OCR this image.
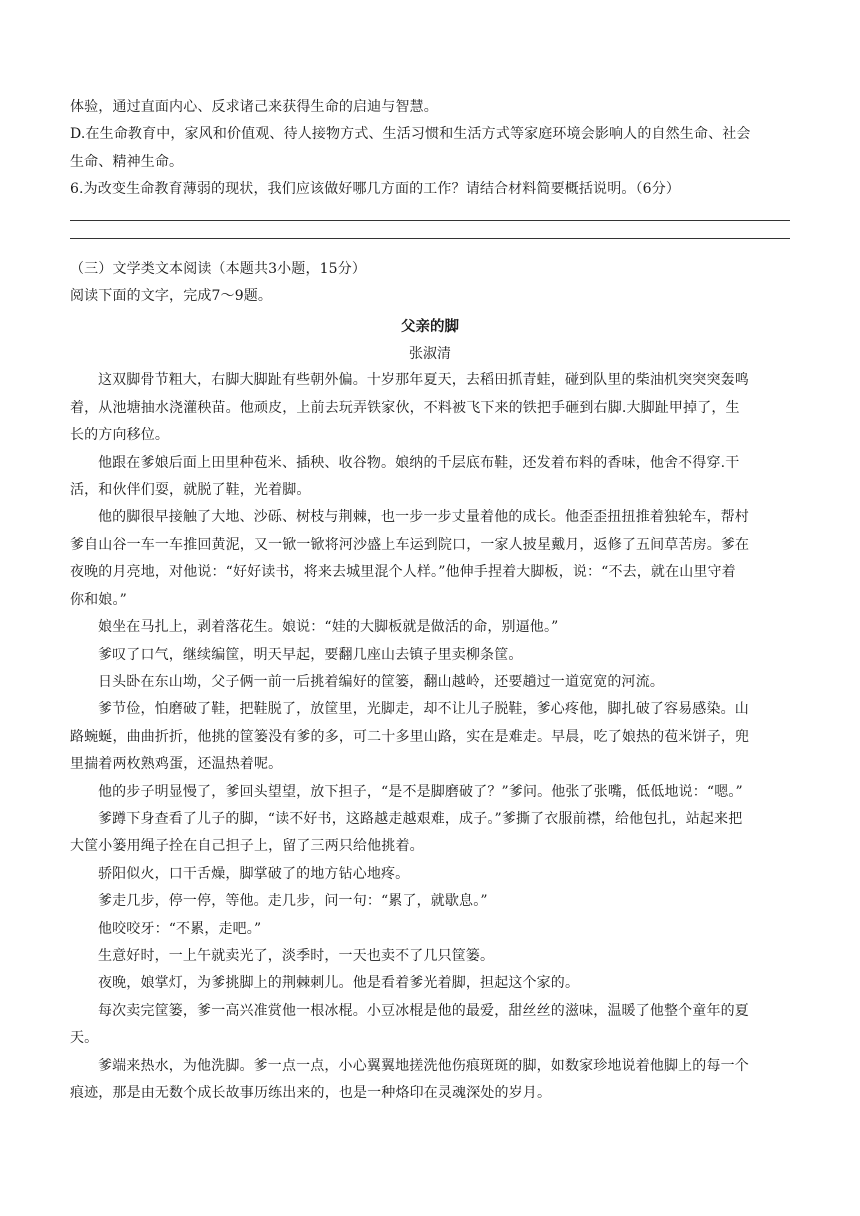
体验，通过直面内心、反求诸己来获得生命的启迪与智慧。
D.在生命教育中，家风和价值观、待人接物方式、生活习惯和生活方式等家庭环境会影响人的自然生命、社会
生命、精神生命。
6.为改变生命教育薄弱的现状，我们应该做好哪几方面的工作？请结合材料简要概括说明。（6分）
（三）文学类文本阅读（本题共3小题，15分）
阅读下面的文字，完成7～9题。
父亲的脚
张淑清
这双脚骨节粗大，右脚大脚趾有些朝外偏。十岁那年夏天，去稻田抓青蛙，碰到队里的柴油机突突突轰鸣
着，从池塘抽水浇灌秧苗。他顽皮，上前去玩弄铁家伙，不料被飞下来的铁把手砸到右脚.大脚趾甲掉了，生
长的方向移位。
他跟在爹娘后面上田里种苞米、插秧、收谷物。娘纳的千层底布鞋，还发着布料的香味，他舍不得穿.干
活，和伙伴们耍，就脱了鞋，光着脚。
他的脚很早接触了大地、沙砾、树枝与荆棘，也一步一步丈量着他的成长。他歪歪扭扭推着独轮车，帮村
爹自山谷一车一车推回黄泥，又一锨一锨将河沙盛上车运到院口，一家人披星戴月，返修了五间草苦房。爹在
夜晚的月亮地，对他说：“好好读书，将来去城里混个人样。”他伸手捏着大脚板，说：“不去，就在山里守着
你和娘。”
娘坐在马扎上，剥着落花生。娘说：“娃的大脚板就是做活的命，别逼他。”
爹叹了口气，继续编筐，明天早起，要翻几座山去镇子里卖柳条筐。
日头卧在东山坳，父子俩一前一后挑着编好的筐篓，翻山越岭，还要趟过一道宽宽的河流。
爹节俭，怕磨破了鞋，把鞋脱了，放筐里，光脚走，却不让儿子脱鞋，爹心疼他，脚扎破了容易感染。山
路蜿蜒，曲曲折折，他挑的筐篓没有爹的多，可二十多里山路，实在是难走。早晨，吃了娘热的苞米饼子，兜
里揣着两枚熟鸡蛋，还温热着呢。
他的步子明显慢了，爹回头望望，放下担子，“是不是脚磨破了？”爹问。他张了张嘴，低低地说：“嗯。”
爹蹲下身查看了儿子的脚，“读不好书，这路越走越艰难，成子。”爹撕了衣服前襟，给他包扎，站起来把
大筐小篓用绳子拴在自己担子上，留了三两只给他挑着。
骄阳似火，口干舌燥，脚掌破了的地方钻心地疼。
爹走几步，停一停，等他。走几步，问一句：“累了，就歇息。”
他咬咬牙：“不累，走吧。”
生意好时，一上午就卖光了，淡季时，一天也卖不了几只筐篓。
夜晚，娘掌灯，为爹挑脚上的荆棘刺儿。他是看着爹光着脚，担起这个家的。
每次卖完筐篓，爹一高兴准赏他一根冰棍。小豆冰棍是他的最爱，甜丝丝的滋味，温暖了他整个童年的夏
天。
爹端来热水，为他洗脚。爹一点一点，小心翼翼地搓洗他伤痕斑斑的脚，如数家珍地说着他脚上的每一个
痕迹，那是由无数个成长故事历练出来的，也是一种烙印在灵魂深处的岁月。
